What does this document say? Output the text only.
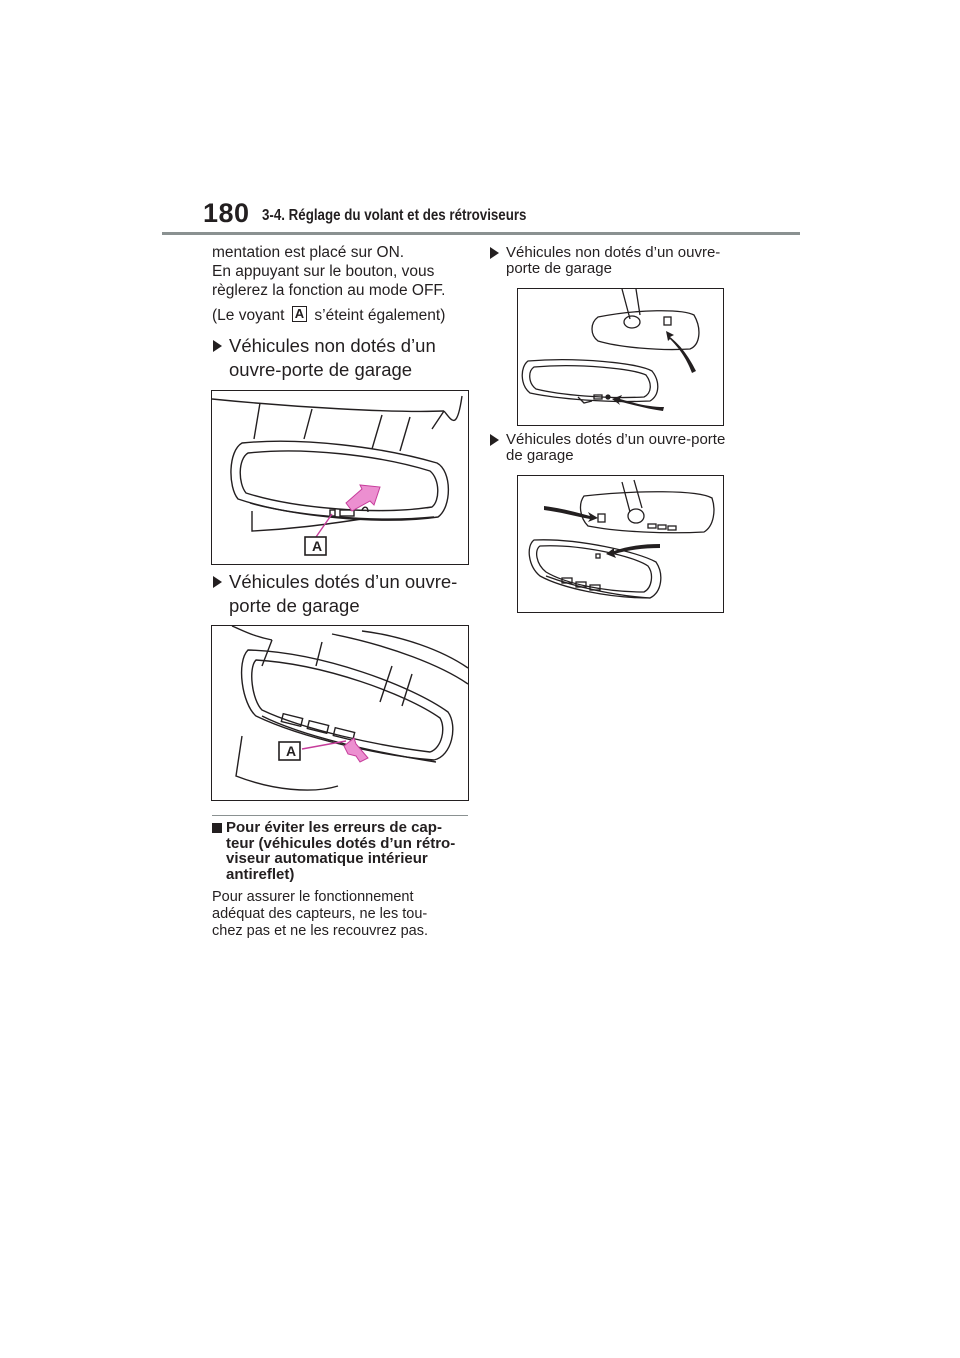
180 3-4. Réglage du volant et des rétroviseurs

mentation est placé sur ON.

En appuyant sur le bouton, vous

règlerez la fonction au mode OFF.

(Le voyant A s’éteint également)

Véhicules non dotés d’un
ouvre-porte de garage
A
Véhicules dotés d’un ouvre-
porte de garage
A
Pour éviter les erreurs de cap-
teur (véhicules dotés d’un rétro-
viseur automatique intérieur
antireflet)

Pour assurer le fonctionnement

adéquat des capteurs, ne les tou-

chez pas et ne les recouvrez pas.

Véhicules non dotés d’un ouvre-
porte de garage
Véhicules dotés d’un ouvre-porte
de garage
